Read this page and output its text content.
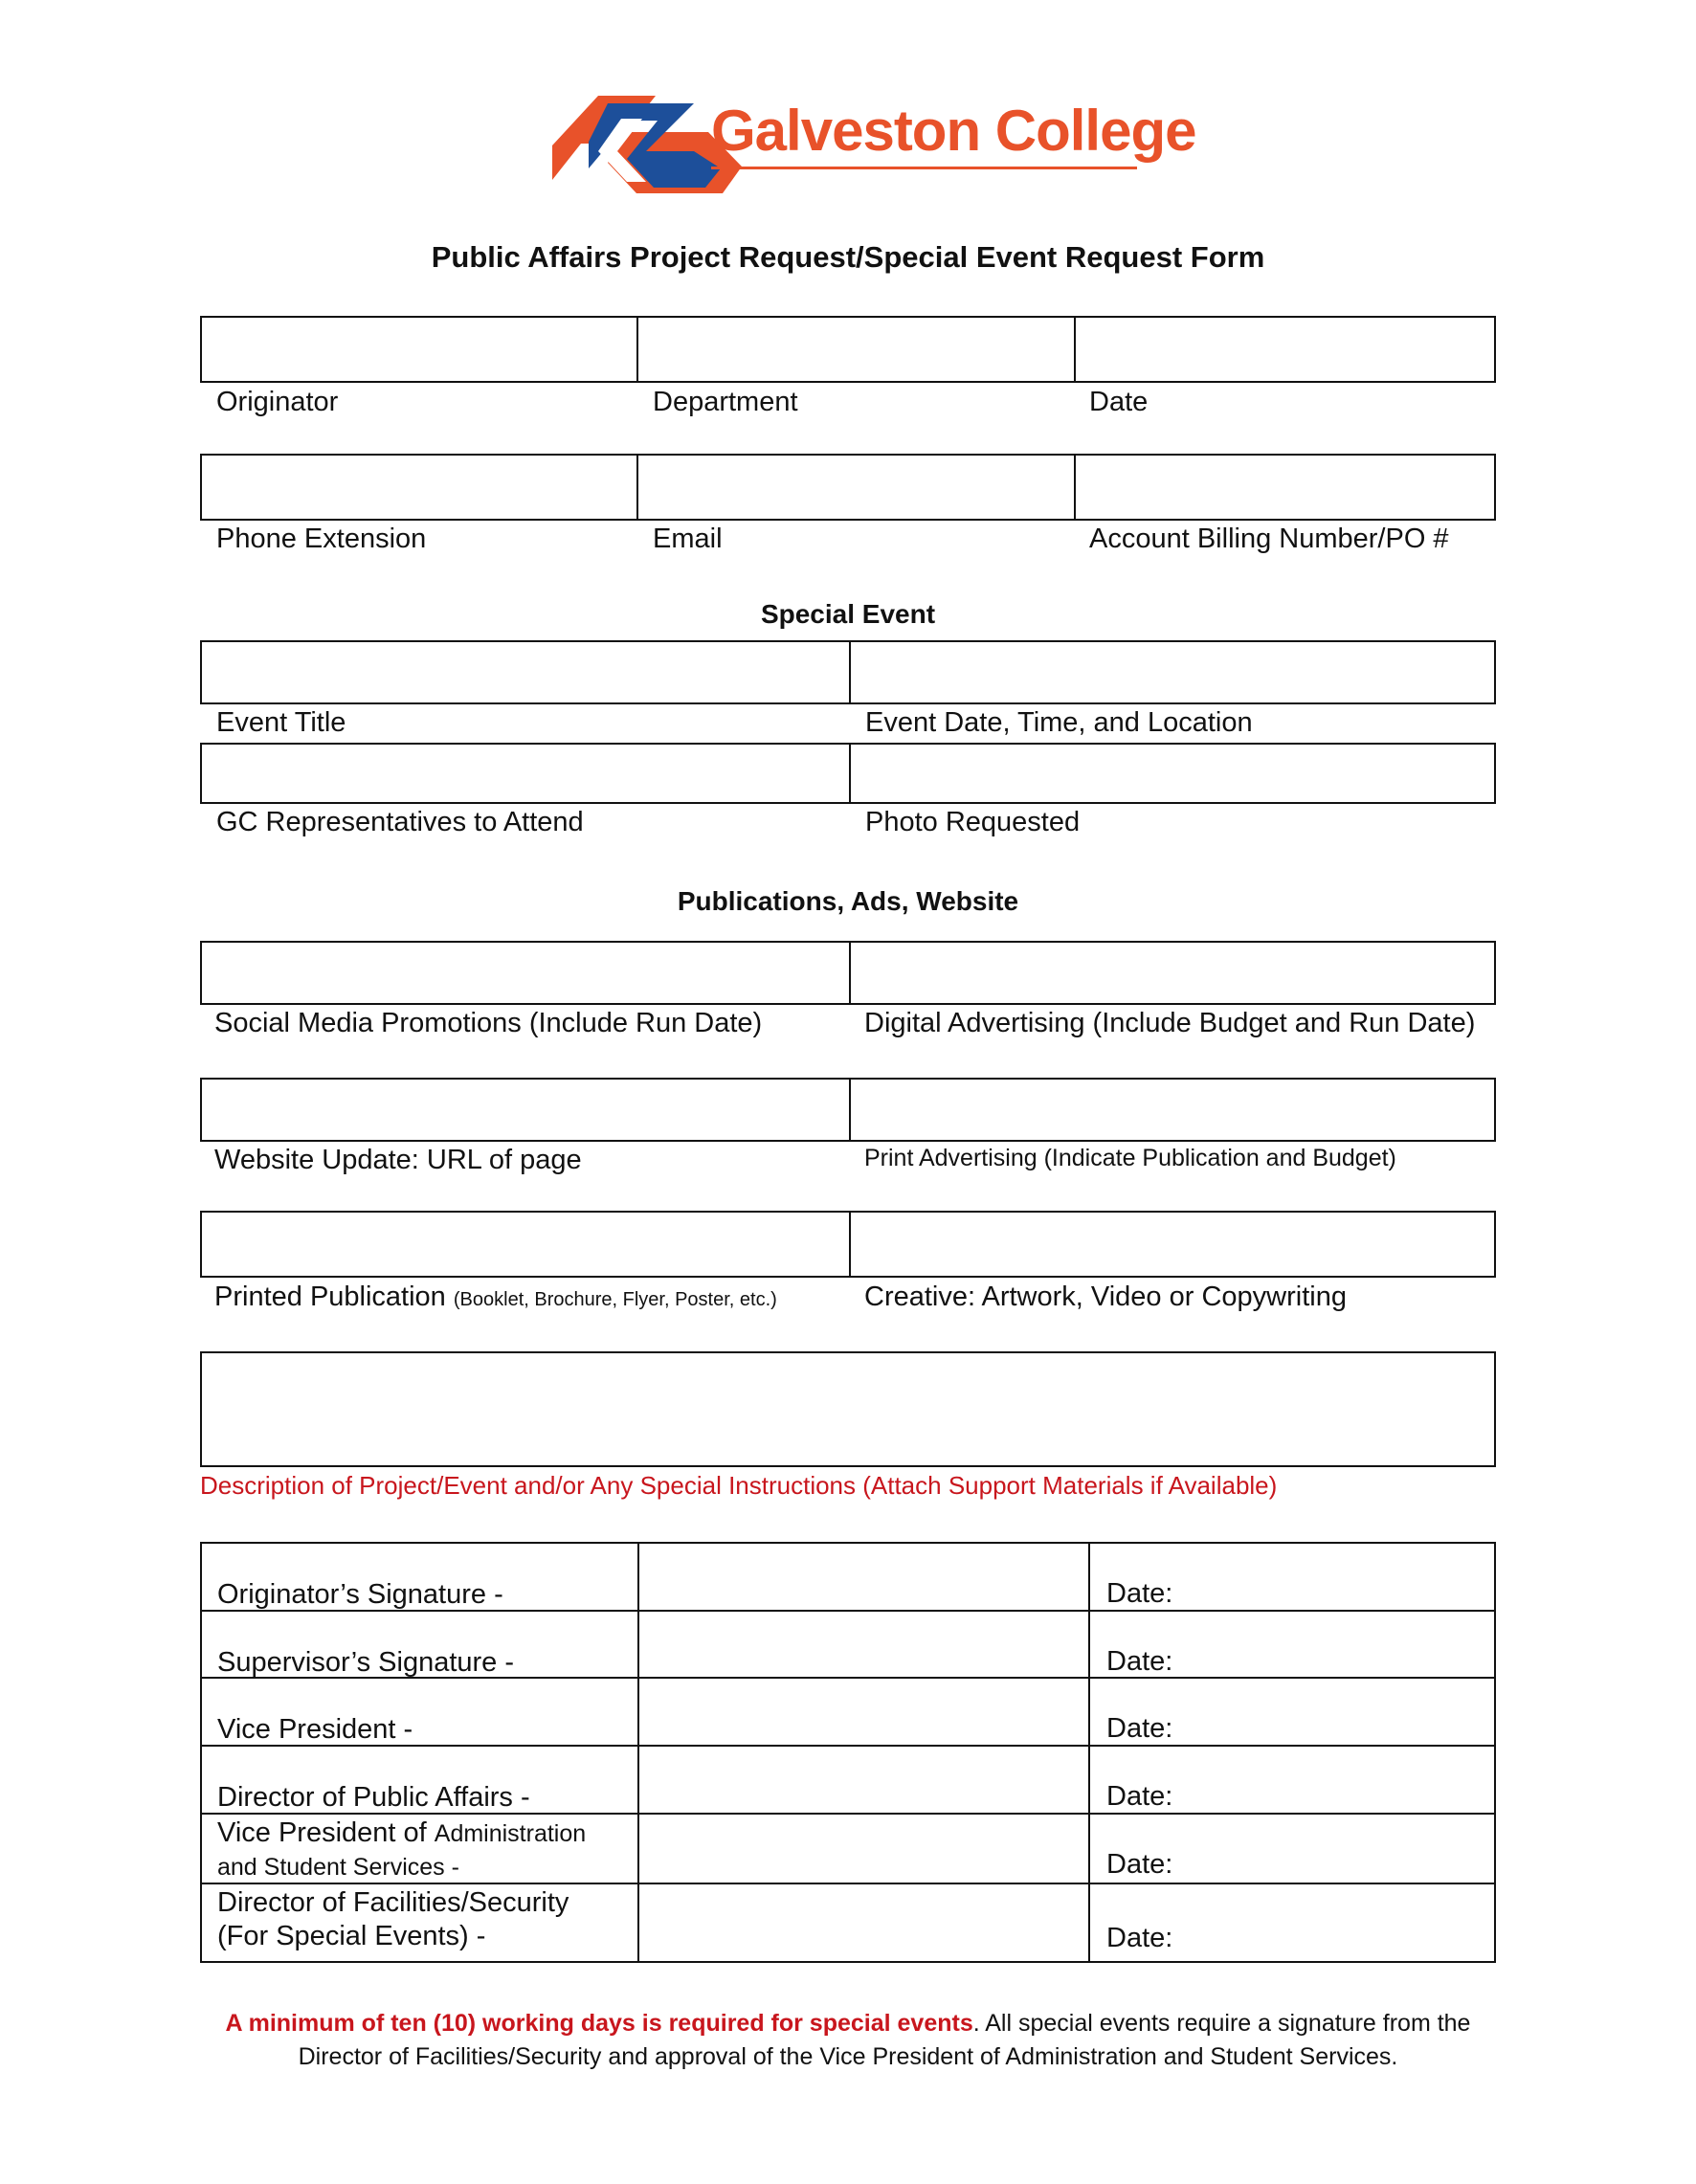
Galveston College
Public Affairs Project Request/Special Event Request Form
Originator	Department	Date
Phone Extension	Email	Account Billing Number/PO #
Special Event
Event Title	Event Date, Time, and Location
GC Representatives to Attend	Photo Requested
Publications, Ads, Website
Social Media Promotions (Include Run Date)	Digital Advertising (Include Budget and Run Date)
Website Update: URL of page	Print Advertising (Indicate Publication and Budget)
Printed Publication (Booklet, Brochure, Flyer, Poster, etc.)	Creative: Artwork, Video or Copywriting
Description of Project/Event and/or Any Special Instructions (Attach Support Materials if Available)
Originator’s Signature -	Date:
Supervisor’s Signature -	Date:
Vice President -	Date:
Director of Public Affairs -	Date:
Vice President of Administration
and Student Services -	Date:
Director of Facilities/Security
(For Special Events) -	Date:
A minimum of ten (10) working days is required for special events. All special events require a signature from the Director of Facilities/Security and approval of the Vice President of Administration and Student Services.
